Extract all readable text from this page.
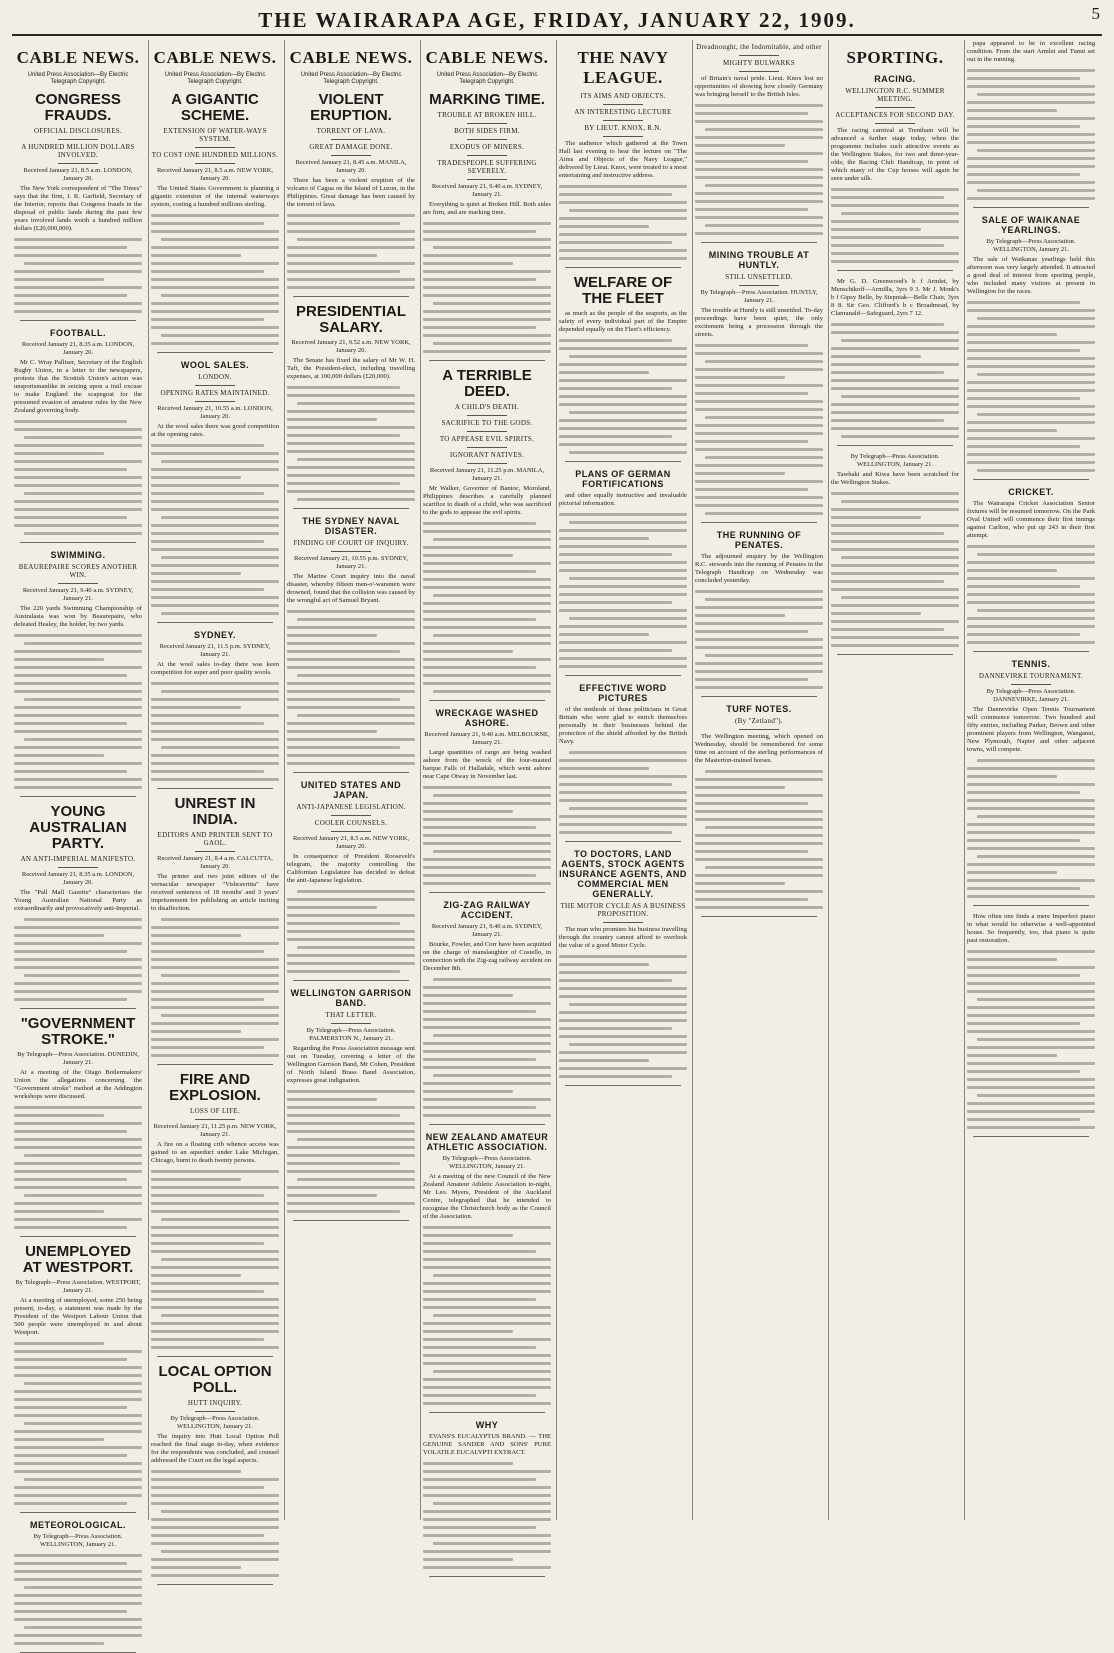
THE WAIRARAPA AGE, FRIDAY, JANUARY 22, 1909.	5
CABLE NEWS.
United Press Association—By Electric Telegraph Copyright.
CONGRESS FRAUDS.
OFFICIAL DISCLOSURES.
A HUNDRED MILLION DOLLARS INVOLVED.
Received January 21, 8.5 a.m. LONDON, January 20.
The New York correspondent of "The Times" says that the firm, J. R. Garfield, Secretary of the Interior, reports that Congress frauds in the disposal of public lands during the past few years involved lands worth a hundred million dollars (£20,000,000).
FOOTBALL.
Received January 21, 8.35 a.m. LONDON, January 20.
Mr C. Wray Palliser, Secretary of the English Rugby Union, in a letter to the newspapers, protests that the Scottish Union's action was unsportsmanlike in seizing upon a trail excuse to make England the scapegoat for the presumed evasion of amateur rules by the New Zealand governing body.
SWIMMING.
BEAUREPAIRE SCORES ANOTHER WIN.
Received January 21, 9.40 a.m. SYDNEY, January 21.
The 220 yards Swimming Championship of Australasia was won by Beaurepaire, who defeated Healey, the holder, by two yards.
YOUNG AUSTRALIAN PARTY.
AN ANTI-IMPERIAL MANIFESTO.
Received January 21, 8.35 a.m. LONDON, January 20.
The "Pall Mall Gazette" characterises the Young Australian National Party as extraordinarily and provocatively anti-Imperial.
"GOVERNMENT STROKE."
By Telegraph—Press Association. DUNEDIN, January 21.
At a meeting of the Otago Boilermakers' Union the allegations concerning the "Government stroke" method at the Addington workshops were discussed.
UNEMPLOYED AT WESTPORT.
By Telegraph—Press Association. WESTPORT, January 21.
At a meeting of unemployed, some 250 being present, to-day, a statement was made by the President of the Westport Labour Union that 500 people were unemployed in and about Westport.
METEOROLOGICAL.
By Telegraph—Press Association. WELLINGTON, January 21.
CABLE NEWS.
United Press Association—By Electric Telegraph Copyright.
A GIGANTIC SCHEME.
EXTENSION OF WATER-WAYS SYSTEM.
TO COST ONE HUNDRED MILLIONS.
Received January 21, 8.5 a.m. NEW YORK, January 20.
The United States Government is planning a gigantic extension of the internal waterways system, costing a hundred millions sterling.
WOOL SALES.
LONDON.
OPENING RATES MAINTAINED.
Received January 21, 10.55 a.m. LONDON, January 20.
At the wool sales there was good competition at the opening rates.
SYDNEY.
Received January 21, 11.5 p.m. SYDNEY, January 21.
At the wool sales to-day there was keen competition for super and poor quality wools.
UNREST IN INDIA.
EDITORS AND PRINTER SENT TO GAOL.
Received January 21, 8.4 a.m. CALCUTTA, January 20.
The printer and two joint editors of the vernacular newspaper "Vishravritta" have received sentences of 18 months' and 3 years' imprisonment for publishing an article inciting to disaffection.
FIRE AND EXPLOSION.
LOSS OF LIFE.
Received January 21, 11.25 p.m. NEW YORK, January 21.
A fire on a floating crib whence access was gained to an aqueduct under Lake Michigan, Chicago, burnt to death twenty persons.
LOCAL OPTION POLL.
HUTT INQUIRY.
By Telegraph—Press Association. WELLINGTON, January 21.
The inquiry into Hutt Local Option Poll reached the final stage to-day, when evidence for the respondents was concluded, and counsel addressed the Court on the legal aspects.
CABLE NEWS.
United Press Association—By Electric Telegraph Copyright.
VIOLENT ERUPTION.
TORRENT OF LAVA.
GREAT DAMAGE DONE.
Received January 21, 8.45 a.m. MANILA, January 20.
There has been a violent eruption of the volcano of Cagua on the Island of Luzon, in the Philippines. Great damage has been caused by the torrent of lava.
PRESIDENTIAL SALARY.
Received January 21, 9.52 a.m. NEW YORK, January 20.
The Senate has fixed the salary of Mr W. H. Taft, the President-elect, including travelling expenses, at 100,000 dollars (£20,000).
THE SYDNEY NAVAL DISASTER.
FINDING OF COURT OF INQUIRY.
Received January 21, 10.55 p.m. SYDNEY, January 21.
The Marine Court inquiry into the naval disaster, whereby fifteen men-o'-warsmen were drowned, found that the collision was caused by the wrongful act of Samuel Bryant.
UNITED STATES AND JAPAN.
ANTI-JAPANESE LEGISLATION.
COOLER COUNSELS.
Received January 21, 8.5 a.m. NEW YORK, January 20.
In consequence of President Roosevelt's telegram, the majority controlling the Californian Legislature has decided to defeat the anti-Japanese legislation.
WELLINGTON GARRISON BAND.
THAT LETTER.
By Telegraph—Press Association. PALMERSTON N., January 21.
Regarding the Press Association message sent out on Tuesday, covering a letter of the Wellington Garrison Band, Mr Cohen, President of North Island Brass Band Association, expresses great indignation.
CABLE NEWS.
United Press Association—By Electric Telegraph Copyright.
MARKING TIME.
TROUBLE AT BROKEN HILL.
BOTH SIDES FIRM.
EXODUS OF MINERS.
TRADESPEOPLE SUFFERING SEVERELY.
Received January 21, 9.40 a.m. SYDNEY, January 21.
Everything is quiet at Broken Hill. Both sides are firm, and are marking time.
A TERRIBLE DEED.
A CHILD'S DEATH.
SACRIFICE TO THE GODS.
TO APPEASE EVIL SPIRITS.
IGNORANT NATIVES.
Received January 21, 11.25 p.m. MANILA, January 21.
Mr Walker, Governor of Bantoc, Moroland, Philippines describes a carefully planned scarifice to death of a child, who was sacrificed to the gods to appease the evil spirits.
WRECKAGE WASHED ASHORE.
Received January 21, 9.40 a.m. MELBOURNE, January 21.
Large quantities of cargo are being washed ashore from the wreck of the four-masted barque Falls of Halladale, which went ashore near Cape Otway in November last.
ZIG-ZAG RAILWAY ACCIDENT.
Received January 21, 9.40 a.m. SYDNEY, January 21.
Bourke, Fowler, and Corr have been acquitted on the charge of manslaughter of Costello, in connection with the Zig-zag railway accident on December 8th.
NEW ZEALAND AMATEUR ATHLETIC ASSOCIATION.
By Telegraph—Press Association. WELLINGTON, January 21.
At a meeting of the new Council of the New Zealand Amateur Athletic Association to-night, Mr Leo. Myers, President of the Auckland Centre, telegraphed that he intended to recognise the Christchurch body as the Council of the Association.
WHY
EVANS'S EUCALYPTUS BRAND. — THE GENUINE SANDER AND SONS' PURE VOLATILE EUCALYPTI EXTRACT.
THE NAVY LEAGUE.
ITS AIMS AND OBJECTS.
AN INTERESTING LECTURE
BY LIEUT. KNOX, R.N.
The audience which gathered at the Town Hall last evening to hear the lecture on "The Aims and Objects of the Navy League," delivered by Lieut. Knox, were treated to a most entertaining and instructive address.
WELFARE OF THE FLEET
as much as the people of the seaports, as the safety of every individual part of the Empire depended equally on the Fleet's efficiency.
PLANS OF GERMAN FORTIFICATIONS
and other equally instructive and invaluable pictorial information.
EFFECTIVE WORD PICTURES
of the methods of those politicians in Great Britain who were glad to enrich themselves personally in their businesses behind the protection of the shield afforded by the British Navy.
TO DOCTORS, LAND AGENTS, STOCK AGENTS INSURANCE AGENTS, AND COMMERCIAL MEN GENERALLY.
THE MOTOR CYCLE AS A BUSINESS PROPOSITION.
The man who promises his business travelling through the country cannot afford to overlook the value of a good Motor Cycle.
Dreadnought, the Indomitable, and other
MIGHTY BULWARKS
of Britain's naval pride. Lieut. Knox lost no opportunities of showing how closely Germany was bringing herself to the British Isles.
MINING TROUBLE AT HUNTLY.
STILL UNSETTLED.
By Telegraph—Press Association. HUNTLY, January 21.
The trouble at Huntly is still unsettled. To-day proceedings have been quiet, the only excitement being a procession through the streets.
THE RUNNING OF PENATES.
The adjourned enquiry by the Wellington R.C. stewards into the running of Penates in the Telegraph Handicap on Wednesday was concluded yesterday.
TURF NOTES.
(By "Zetland").
The Wellington meeting, which opened on Wednesday, should be remembered for some time on account of the sterling performances of the Masterton-trained horses.
SPORTING.
RACING.
WELLINGTON R.C. SUMMER MEETING.
ACCEPTANCES FOR SECOND DAY.
The racing carnival at Trentham will be advanced a further stage today, when the programme includes such attractive events as the Wellington Stakes, for two and three-year-olds; the Racing Club Handicap, in point of which many of the Cup horses will again be seen under silk.
Mr G. D. Greenwood's b f Armlet, by Menschikoff—Armilla, 3yrs 9 3. Mr J. Monk's b f Gipsy Belle, by Stepniak—Belle Chair, 3yrs 8 8. Sir Geo. Clifford's b c Broadmead, by Clanranald—Safeguard, 2yrs 7 12.
By Telegraph—Press Association. WELLINGTON, January 21.
Tawhaki and Kiwa have been scratched for the Wellington Stakes.
papa appeared to be in excellent racing condition. From the start Armlet and Tunut set out in the running.
SALE OF WAIKANAE YEARLINGS.
By Telegraph—Press Association. WELLINGTON, January 21.
The sale of Waikanae yearlings held this afternoon was very largely attended. It attracted a good deal of interest from sporting people, who included many visitors at present in Wellington for the races.
CRICKET.
The Wairarapa Cricket Association Senior fixtures will be resumed tomorrow. On the Park Oval United will commence their first innings against Carlton, who put up 243 in their first attempt.
TENNIS.
DANNEVIRKE TOURNAMENT.
By Telegraph—Press Association. DANNEVIRKE, January 21.
The Dannevirke Open Tennis Tournament will commence tomorrow. Two hundred and fifty entries, including Parker, Brown and other prominent players from Wellington, Wanganui, New Plymouth, Napier and other adjacent towns, will compete.
How often one finds a mere Imperfect piano in what would be otherwise a well-appointed house. So frequently, too, that piano is quite past restoration.
